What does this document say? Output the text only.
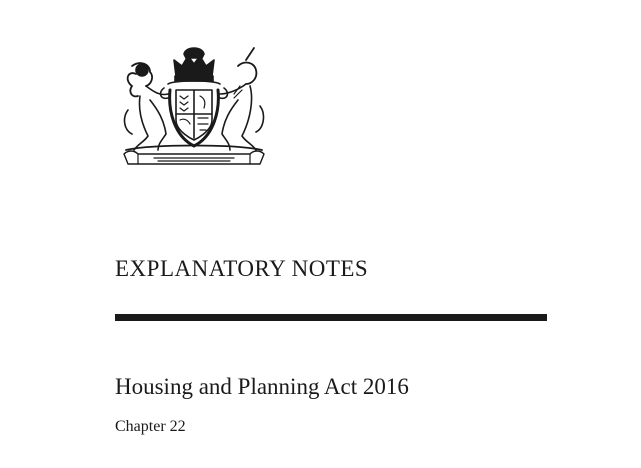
EXPLANATORY NOTES
Housing and Planning Act 2016
Chapter 22
